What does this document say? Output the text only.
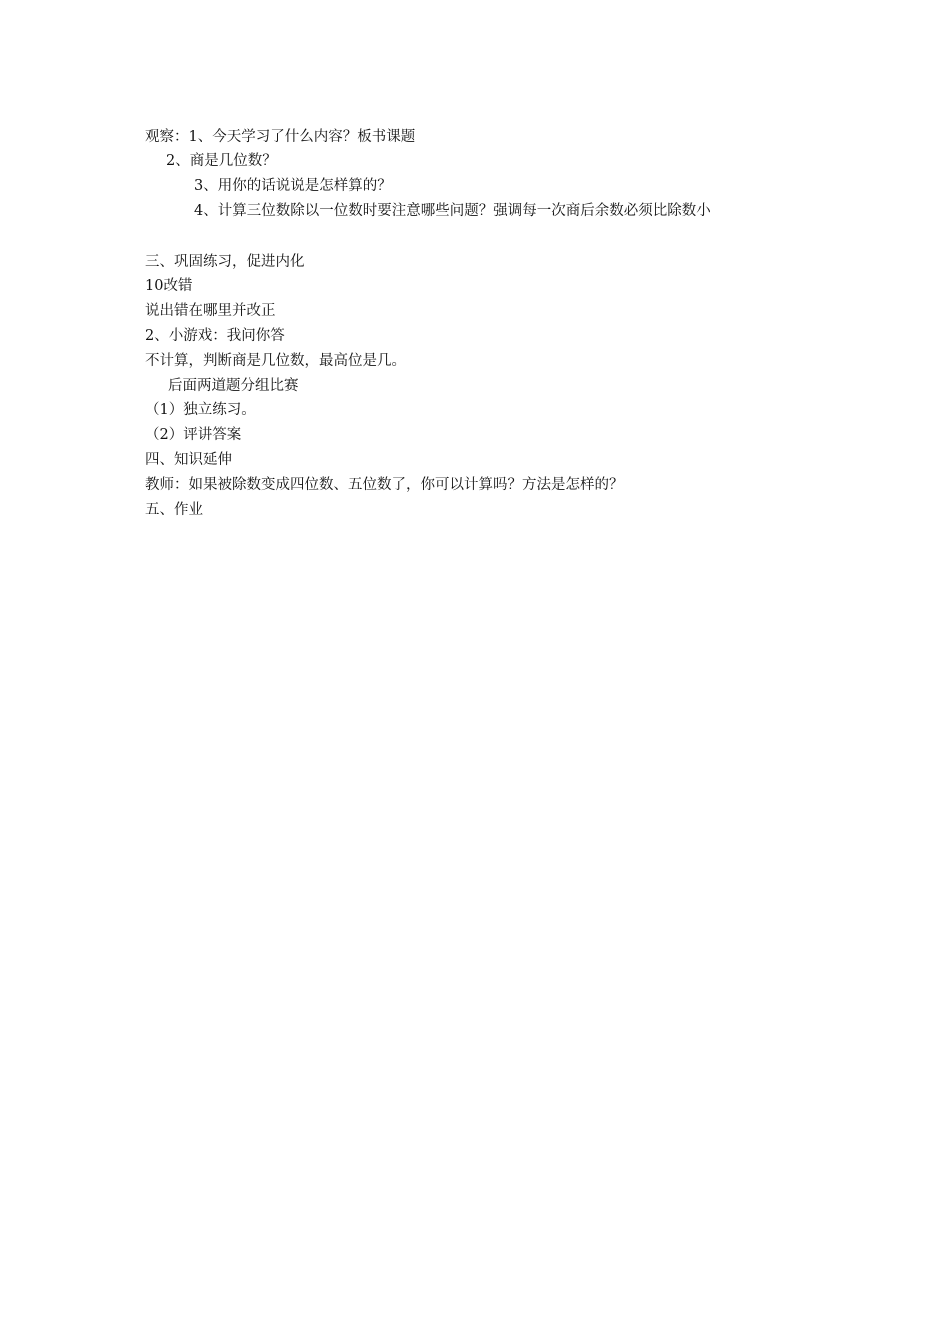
观察：1、今天学习了什么内容？板书课题
2、商是几位数？
3、用你的话说说是怎样算的？
4、计算三位数除以一位数时要注意哪些问题？强调每一次商后余数必须比除数小
三、巩固练习，促进内化
10改错
说出错在哪里并改正
2、小游戏：我问你答
不计算，判断商是几位数，最高位是几。
后面两道题分组比赛
（1）独立练习。
（2）评讲答案
四、知识延伸
教师：如果被除数变成四位数、五位数了，你可以计算吗？方法是怎样的？
五、作业
